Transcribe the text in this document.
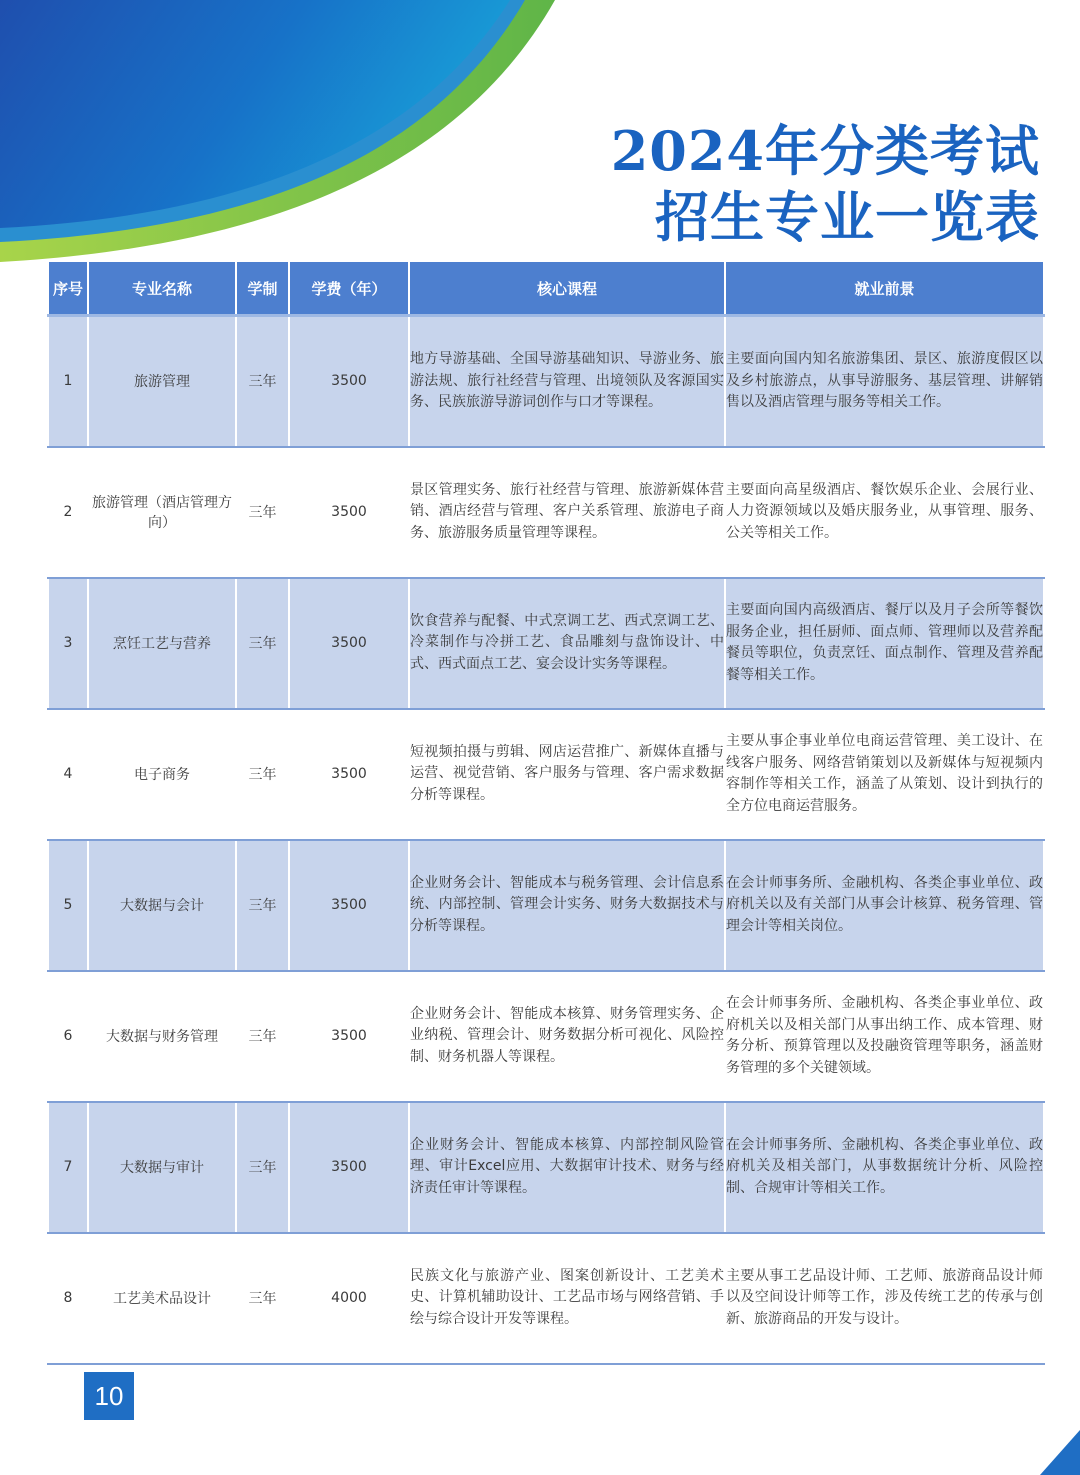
2024年分类考试
招生专业一览表
序号	专业名称	学制	学费（年）	核心课程	就业前景
1	旅游管理	三年	3500	地方导游基础、全国导游基础知识、导游业务、旅游法规、旅行社经营与管理、出境领队及客源国实务、民族旅游导游词创作与口才等课程。	主要面向国内知名旅游集团、景区、旅游度假区以及乡村旅游点，从事导游服务、基层管理、讲解销售以及酒店管理与服务等相关工作。
2	旅游管理（酒店管理方向）	三年	3500	景区管理实务、旅行社经营与管理、旅游新媒体营销、酒店经营与管理、客户关系管理、旅游电子商务、旅游服务质量管理等课程。	主要面向高星级酒店、餐饮娱乐企业、会展行业、人力资源领域以及婚庆服务业，从事管理、服务、公关等相关工作。
3	烹饪工艺与营养	三年	3500	饮食营养与配餐、中式烹调工艺、西式烹调工艺、冷菜制作与冷拼工艺、食品雕刻与盘饰设计、中式、西式面点工艺、宴会设计实务等课程。	主要面向国内高级酒店、餐厅以及月子会所等餐饮服务企业，担任厨师、面点师、管理师以及营养配餐员等职位，负责烹饪、面点制作、管理及营养配餐等相关工作。
4	电子商务	三年	3500	短视频拍摄与剪辑、网店运营推广、新媒体直播与运营、视觉营销、客户服务与管理、客户需求数据分析等课程。	主要从事企事业单位电商运营管理、美工设计、在线客户服务、网络营销策划以及新媒体与短视频内容制作等相关工作，涵盖了从策划、设计到执行的全方位电商运营服务。
5	大数据与会计	三年	3500	企业财务会计、智能成本与税务管理、会计信息系统、内部控制、管理会计实务、财务大数据技术与分析等课程。	在会计师事务所、金融机构、各类企事业单位、政府机关以及有关部门从事会计核算、税务管理、管理会计等相关岗位。
6	大数据与财务管理	三年	3500	企业财务会计、智能成本核算、财务管理实务、企业纳税、管理会计、财务数据分析可视化、风险控制、财务机器人等课程。	在会计师事务所、金融机构、各类企事业单位、政府机关以及相关部门从事出纳工作、成本管理、财务分析、预算管理以及投融资管理等职务，涵盖财务管理的多个关键领域。
7	大数据与审计	三年	3500	企业财务会计、智能成本核算、内部控制风险管理、审计Excel应用、大数据审计技术、财务与经济责任审计等课程。	在会计师事务所、金融机构、各类企事业单位、政府机关及相关部门，从事数据统计分析、风险控制、合规审计等相关工作。
8	工艺美术品设计	三年	4000	民族文化与旅游产业、图案创新设计、工艺美术史、计算机辅助设计、工艺品市场与网络营销、手绘与综合设计开发等课程。	主要从事工艺品设计师、工艺师、旅游商品设计师以及空间设计师等工作，涉及传统工艺的传承与创新、旅游商品的开发与设计。
10
